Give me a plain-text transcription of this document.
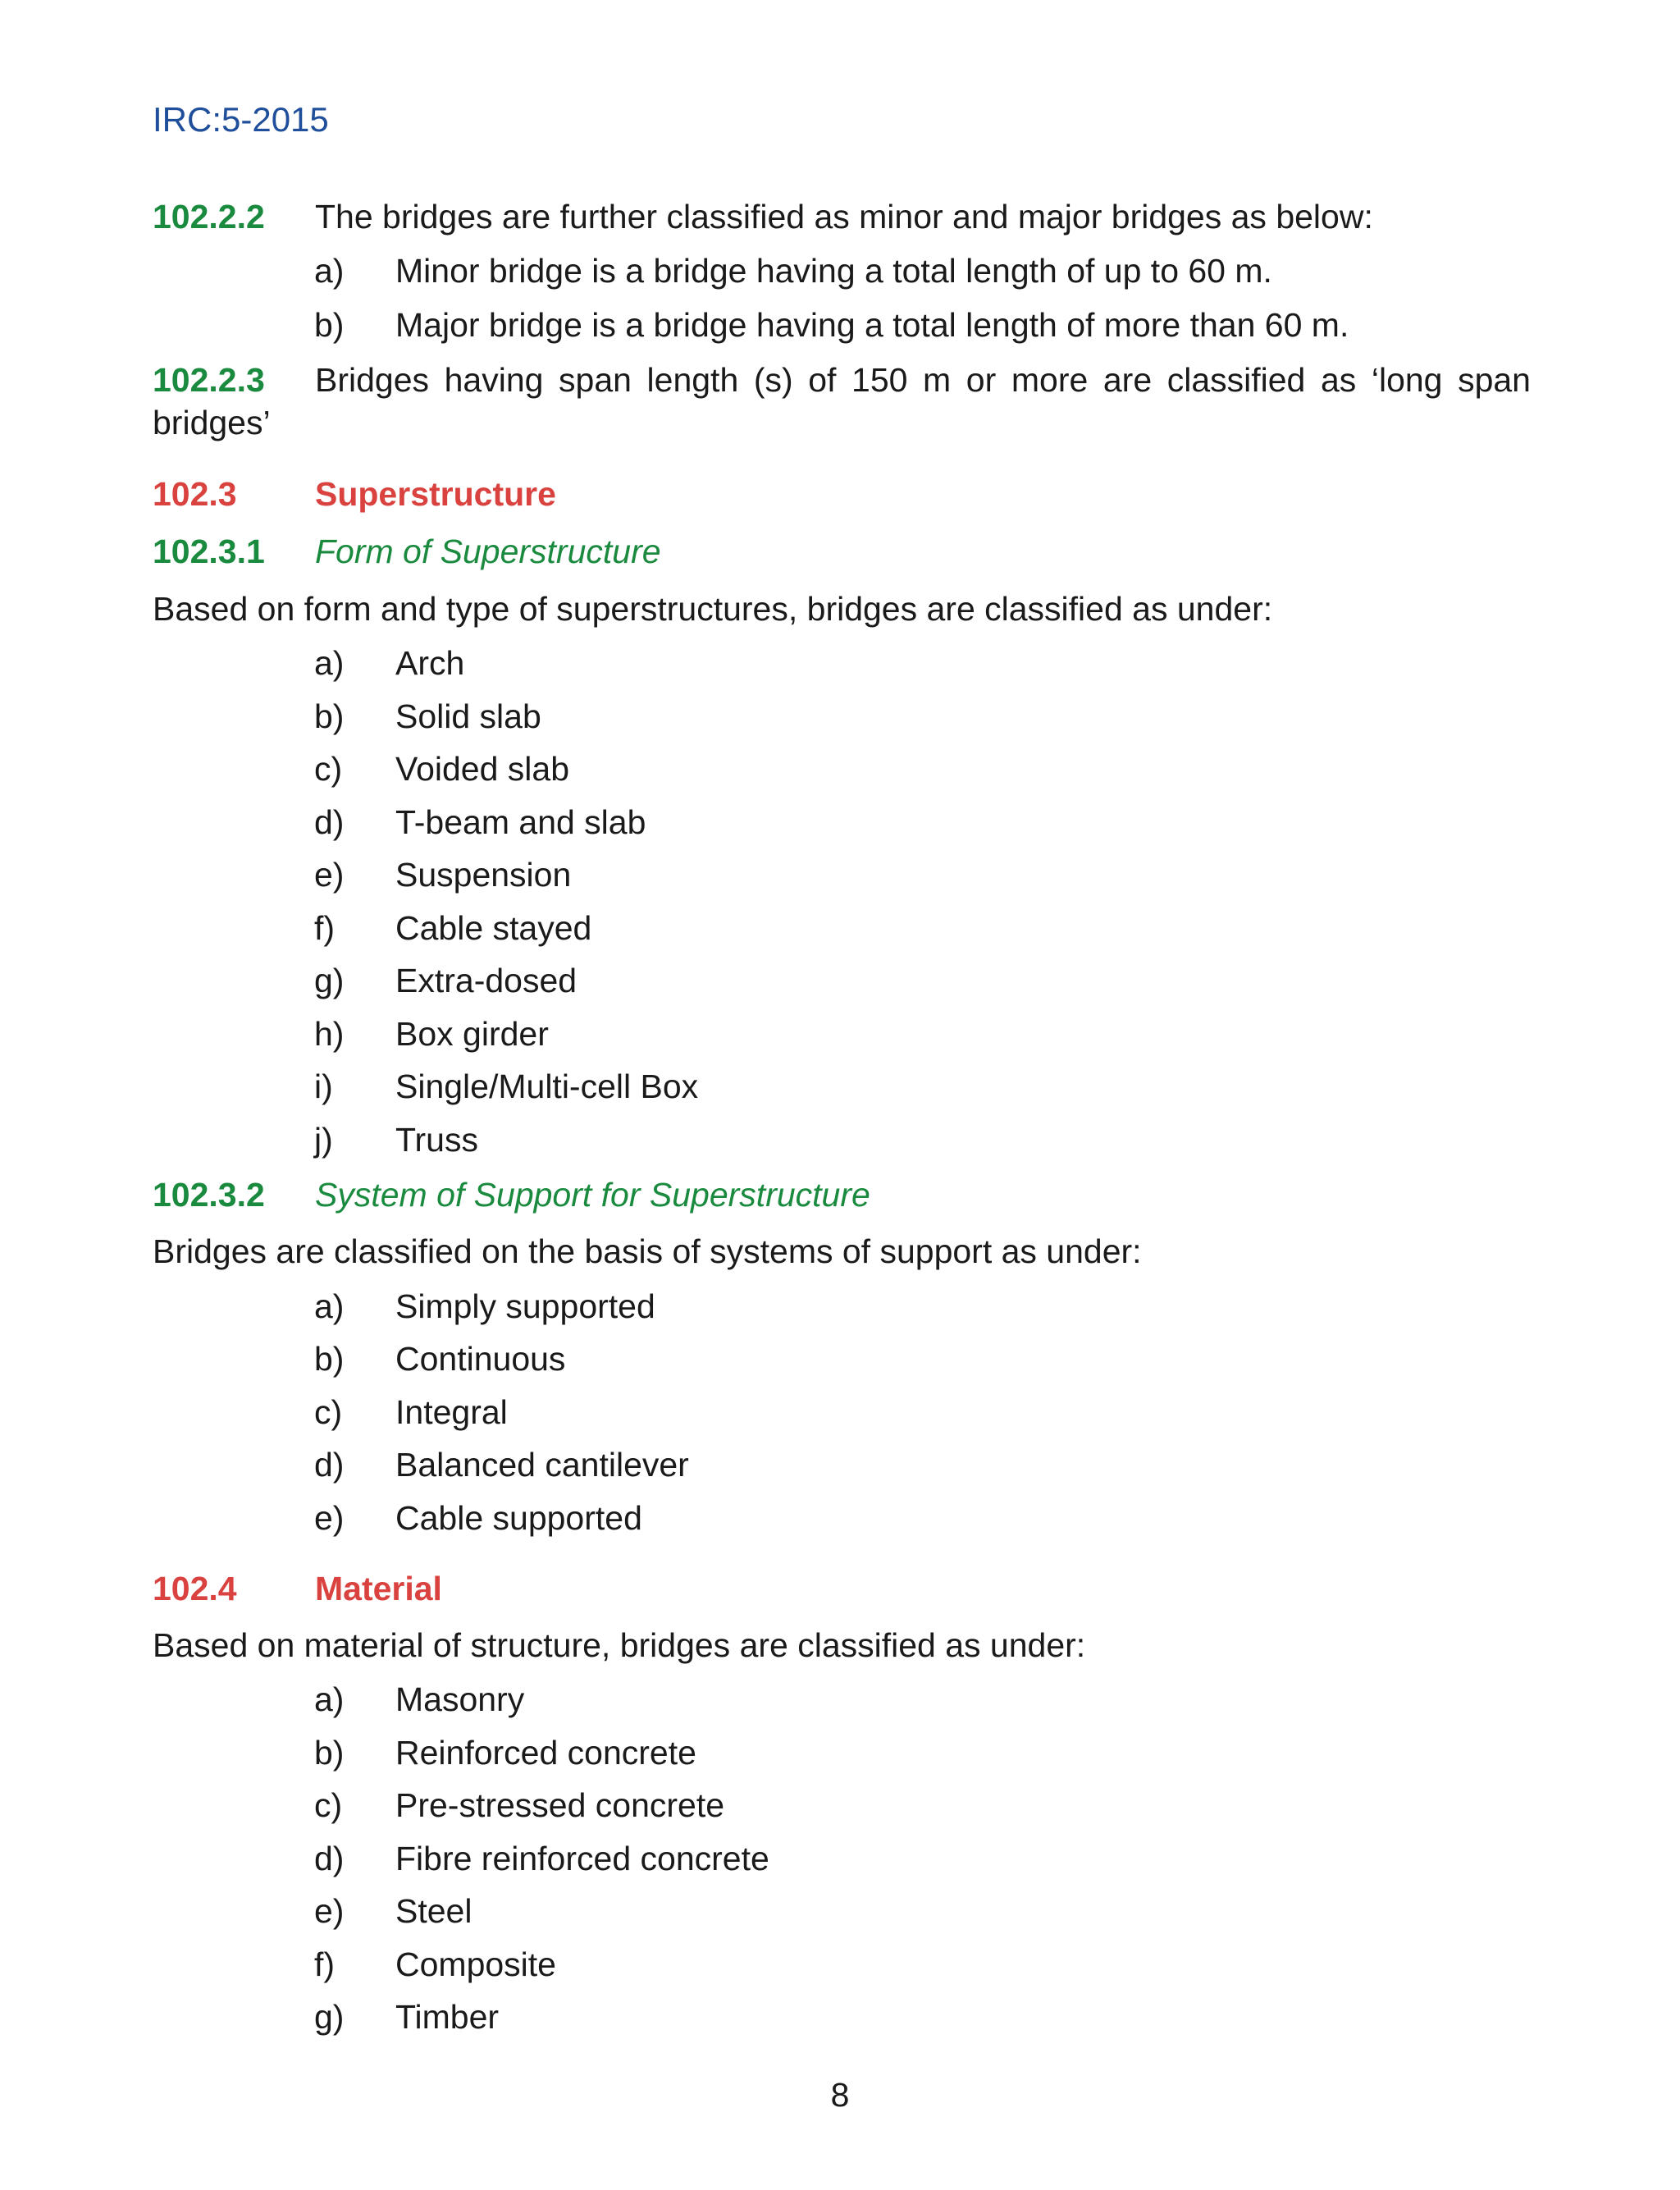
IRC:5-2015
102.2.2 The bridges are further classified as minor and major bridges as below:
a) Minor bridge is a bridge having a total length of up to 60 m.
b) Major bridge is a bridge having a total length of more than 60 m.
102.2.3 Bridges having span length (s) of 150 m or more are classified as ‘long span bridges’
102.3 Superstructure
102.3.1 Form of Superstructure
Based on form and type of superstructures, bridges are classified as under:
a) Arch
b) Solid slab
c) Voided slab
d) T-beam and slab
e) Suspension
f) Cable stayed
g) Extra-dosed
h) Box girder
i) Single/Multi-cell Box
j) Truss
102.3.2 System of Support for Superstructure
Bridges are classified on the basis of systems of support as under:
a) Simply supported
b) Continuous
c) Integral
d) Balanced cantilever
e) Cable supported
102.4 Material
Based on material of structure, bridges are classified as under:
a) Masonry
b) Reinforced concrete
c) Pre-stressed concrete
d) Fibre reinforced concrete
e) Steel
f) Composite
g) Timber
8
